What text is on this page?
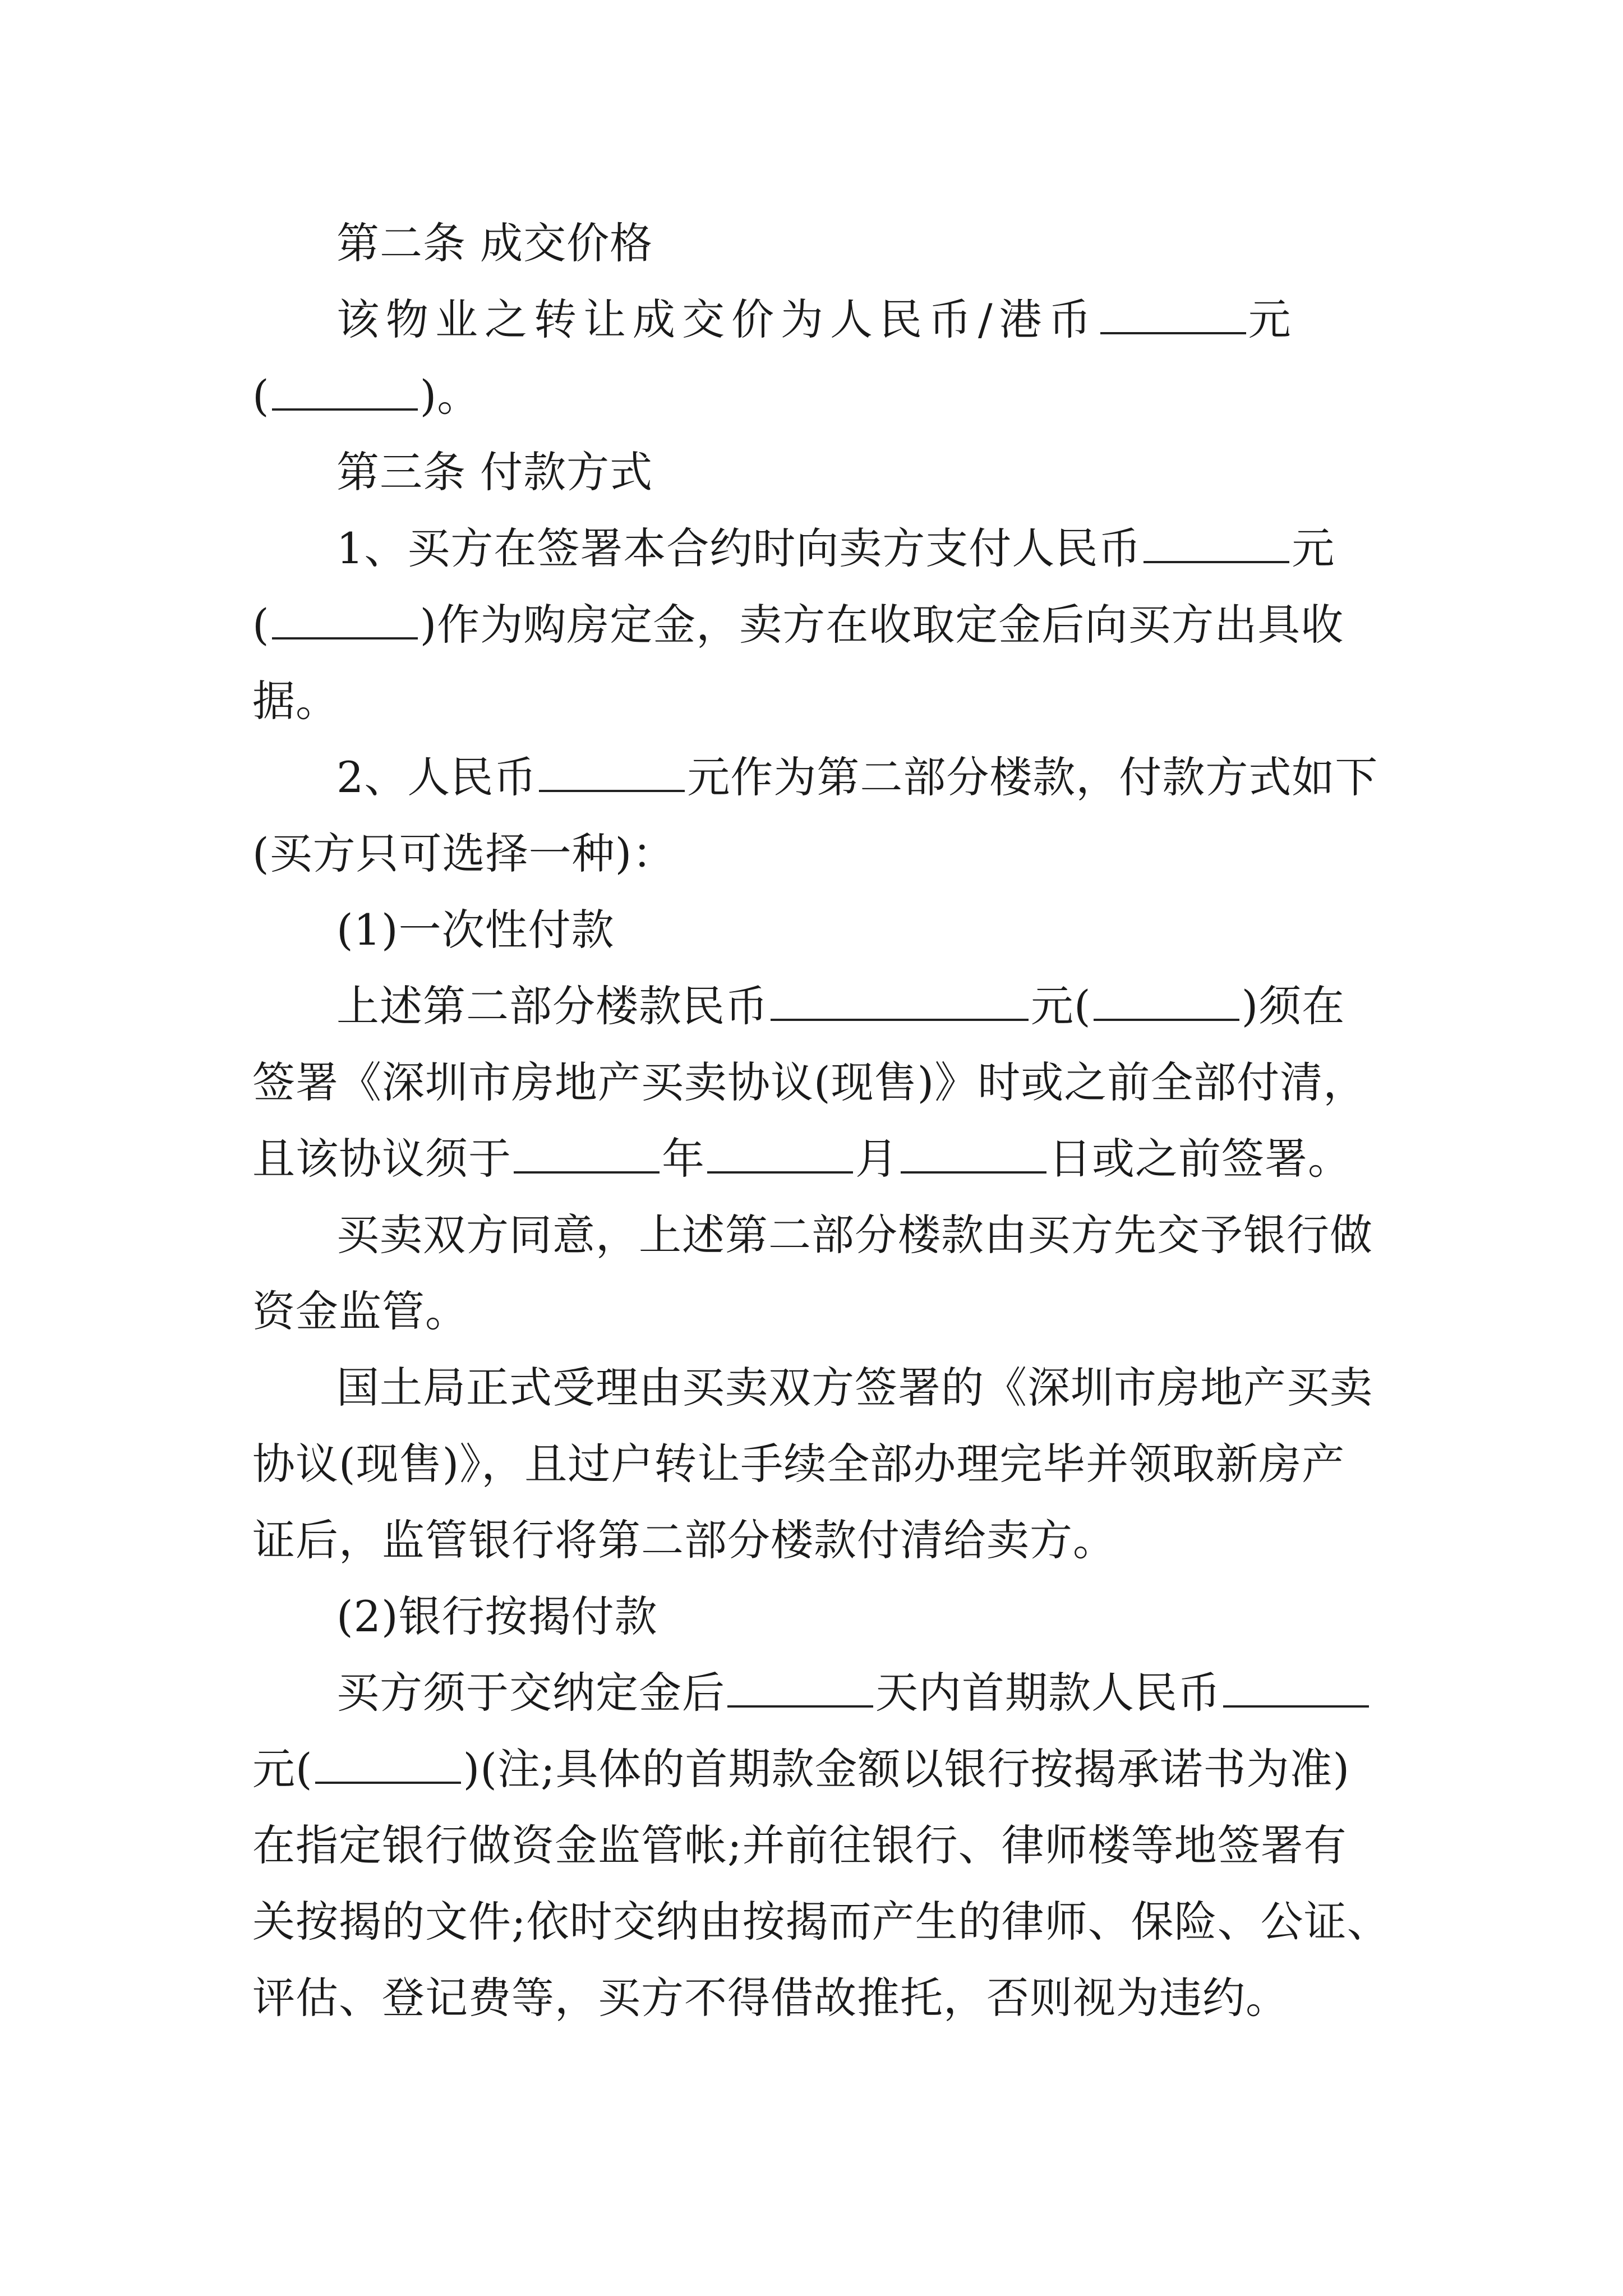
第二条 成交价格
该物业之转让成交价为人民币/港币	元
(	)。
第三条 付款方式
1、买方在签署本合约时向卖方支付人民币	元
(	)作为购房定金，卖方在收取定金后向买方出具收
据。
2、人民币	元作为第二部分楼款，付款方式如下
(买方只可选择一种)：
(1)一次性付款
上述第二部分楼款民币	元(	)须在
签署《深圳市房地产买卖协议(现售)》时或之前全部付清，
且该协议须于	年	月	日或之前签署。
买卖双方同意，上述第二部分楼款由买方先交予银行做
资金监管。
国土局正式受理由买卖双方签署的《深圳市房地产买卖
协议(现售)》，且过户转让手续全部办理完毕并领取新房产
证后，监管银行将第二部分楼款付清给卖方。
(2)银行按揭付款
买方须于交纳定金后	天内首期款人民币
元(	)(注;具体的首期款金额以银行按揭承诺书为准)
在指定银行做资金监管帐;并前往银行、律师楼等地签署有
关按揭的文件;依时交纳由按揭而产生的律师、保险、公证、
评估、登记费等，买方不得借故推托，否则视为违约。
